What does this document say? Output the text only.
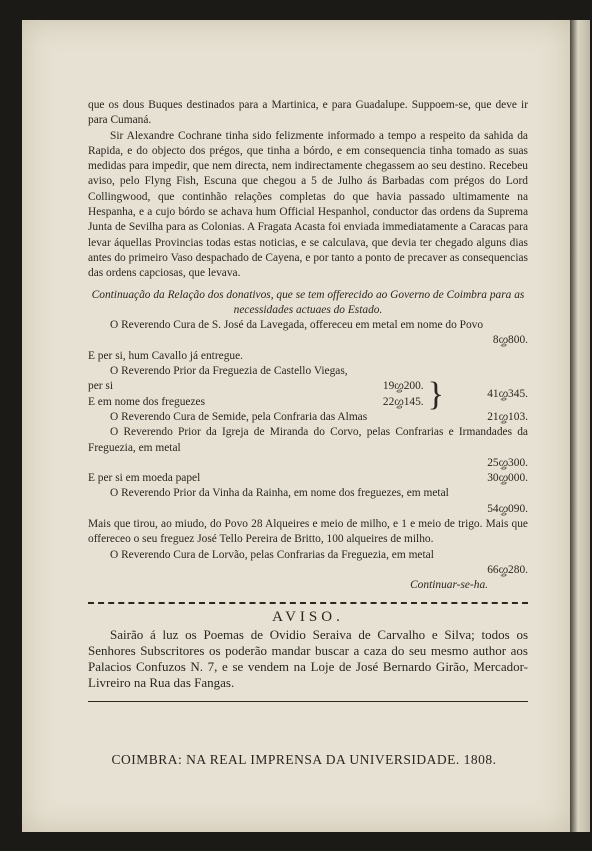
que os dous Buques destinados para a Martinica, e para Guadalupe. Suppoem-se, que deve ir para Cumaná.

Sir Alexandre Cochrane tinha sido felizmente informado a tempo a respeito da sahida da Rapida, e do objecto dos prégos, que tinha a bórdo, e em consequencia tinha tomado as suas medidas para impedir, que nem directa, nem indirectamente chegassem ao seu destino. Recebeu aviso, pelo Flyng Fish, Escuna que chegou a 5 de Julho ás Barbadas com prégos do Lord Collingwood, que continhão relações completas do que havia passado ultimamente na Hespanha, e a cujo bórdo se achava hum Official Hespanhol, conductor das ordens da Suprema Junta de Sevilha para as Colonias. A Fragata Acasta foi enviada immediatamente a Caracas para levar áquellas Provincias todas estas noticias, e se calculava, que devia ter chegado alguns dias antes do primeiro Vaso despachado de Cayena, e por tanto a ponto de precaver as consequencias das ordens capciosas, que levava.

Continuação da Relação dos donativos, que se tem offerecido ao Governo de Coimbra para as necessidades actuaes do Estado.

O Reverendo Cura de S. José da Lavegada, offereceu em metal em nome do Povo

8ᦄ800.

E per si, hum Cavallo já entregue.

O Reverendo Prior da Freguezia de Castello Viegas,

per si	19ᦄ200.
E em nome dos freguezes	22ᦄ145. }	41ᦄ345.
O Reverendo Cura de Semide, pela Confraria das Almas	21ᦄ103.

O Reverendo Prior da Igreja de Miranda do Corvo, pelas Confrarias e Irmandades da Freguezia, em metal

25ᦄ300.

E per si em moeda papel	30ᦄ000.

O Reverendo Prior da Vinha da Rainha, em nome dos freguezes, em metal

54ᦄ090.

Mais que tirou, ao miudo, do Povo 28 Alqueires e meio de milho, e 1 e meio de trigo. Mais que offereceo o seu freguez José Tello Pereira de Britto, 100 alqueires de milho.

O Reverendo Cura de Lorvão, pelas Confrarias da Freguezia, em metal

66ᦄ280.

Continuar-se-ha.

AVISO.

Sairão á luz os Poemas de Ovidio Seraiva de Carvalho e Silva; todos os Senhores Subscritores os poderão mandar buscar a caza do seu mesmo author aos Palacios Confuzos N. 7, e se vendem na Loje de José Bernardo Girão, Mercador-Livreiro na Rua das Fangas.

COIMBRA: NA REAL IMPRENSA DA UNIVERSIDADE. 1808.
